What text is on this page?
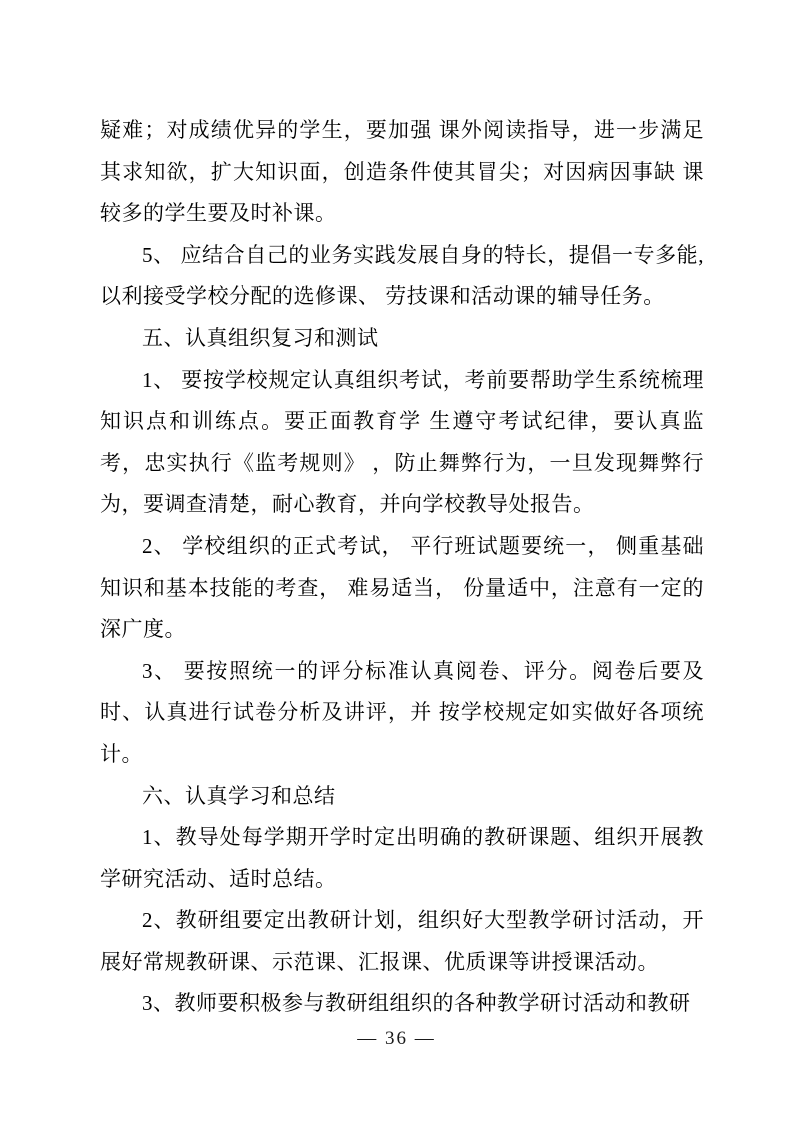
疑难；对成绩优异的学生，要加强 课外阅读指导，进一步满足其求知欲，扩大知识面，创造条件使其冒尖；对因病因事缺 课较多的学生要及时补课。

5、 应结合自己的业务实践发展自身的特长，提倡一专多能,以利接受学校分配的选修课、 劳技课和活动课的辅导任务。

五、认真组织复习和测试

1、 要按学校规定认真组织考试，考前要帮助学生系统梳理知识点和训练点。要正面教育学 生遵守考试纪律，要认真监考，忠实执行《监考规则》 ，防止舞弊行为，一旦发现舞弊行为，要调查清楚，耐心教育，并向学校教导处报告。

2、 学校组织的正式考试， 平行班试题要统一， 侧重基础知识和基本技能的考查， 难易适当， 份量适中，注意有一定的深广度。

3、 要按照统一的评分标准认真阅卷、评分。阅卷后要及时、认真进行试卷分析及讲评，并 按学校规定如实做好各项统计。

六、认真学习和总结

1、教导处每学期开学时定出明确的教研课题、组织开展教学研究活动、适时总结。

2、教研组要定出教研计划，组织好大型教学研讨活动，开展好常规教研课、示范课、汇报课、优质课等讲授课活动。

3、教师要积极参与教研组组织的各种教学研讨活动和教研

— 36 —
